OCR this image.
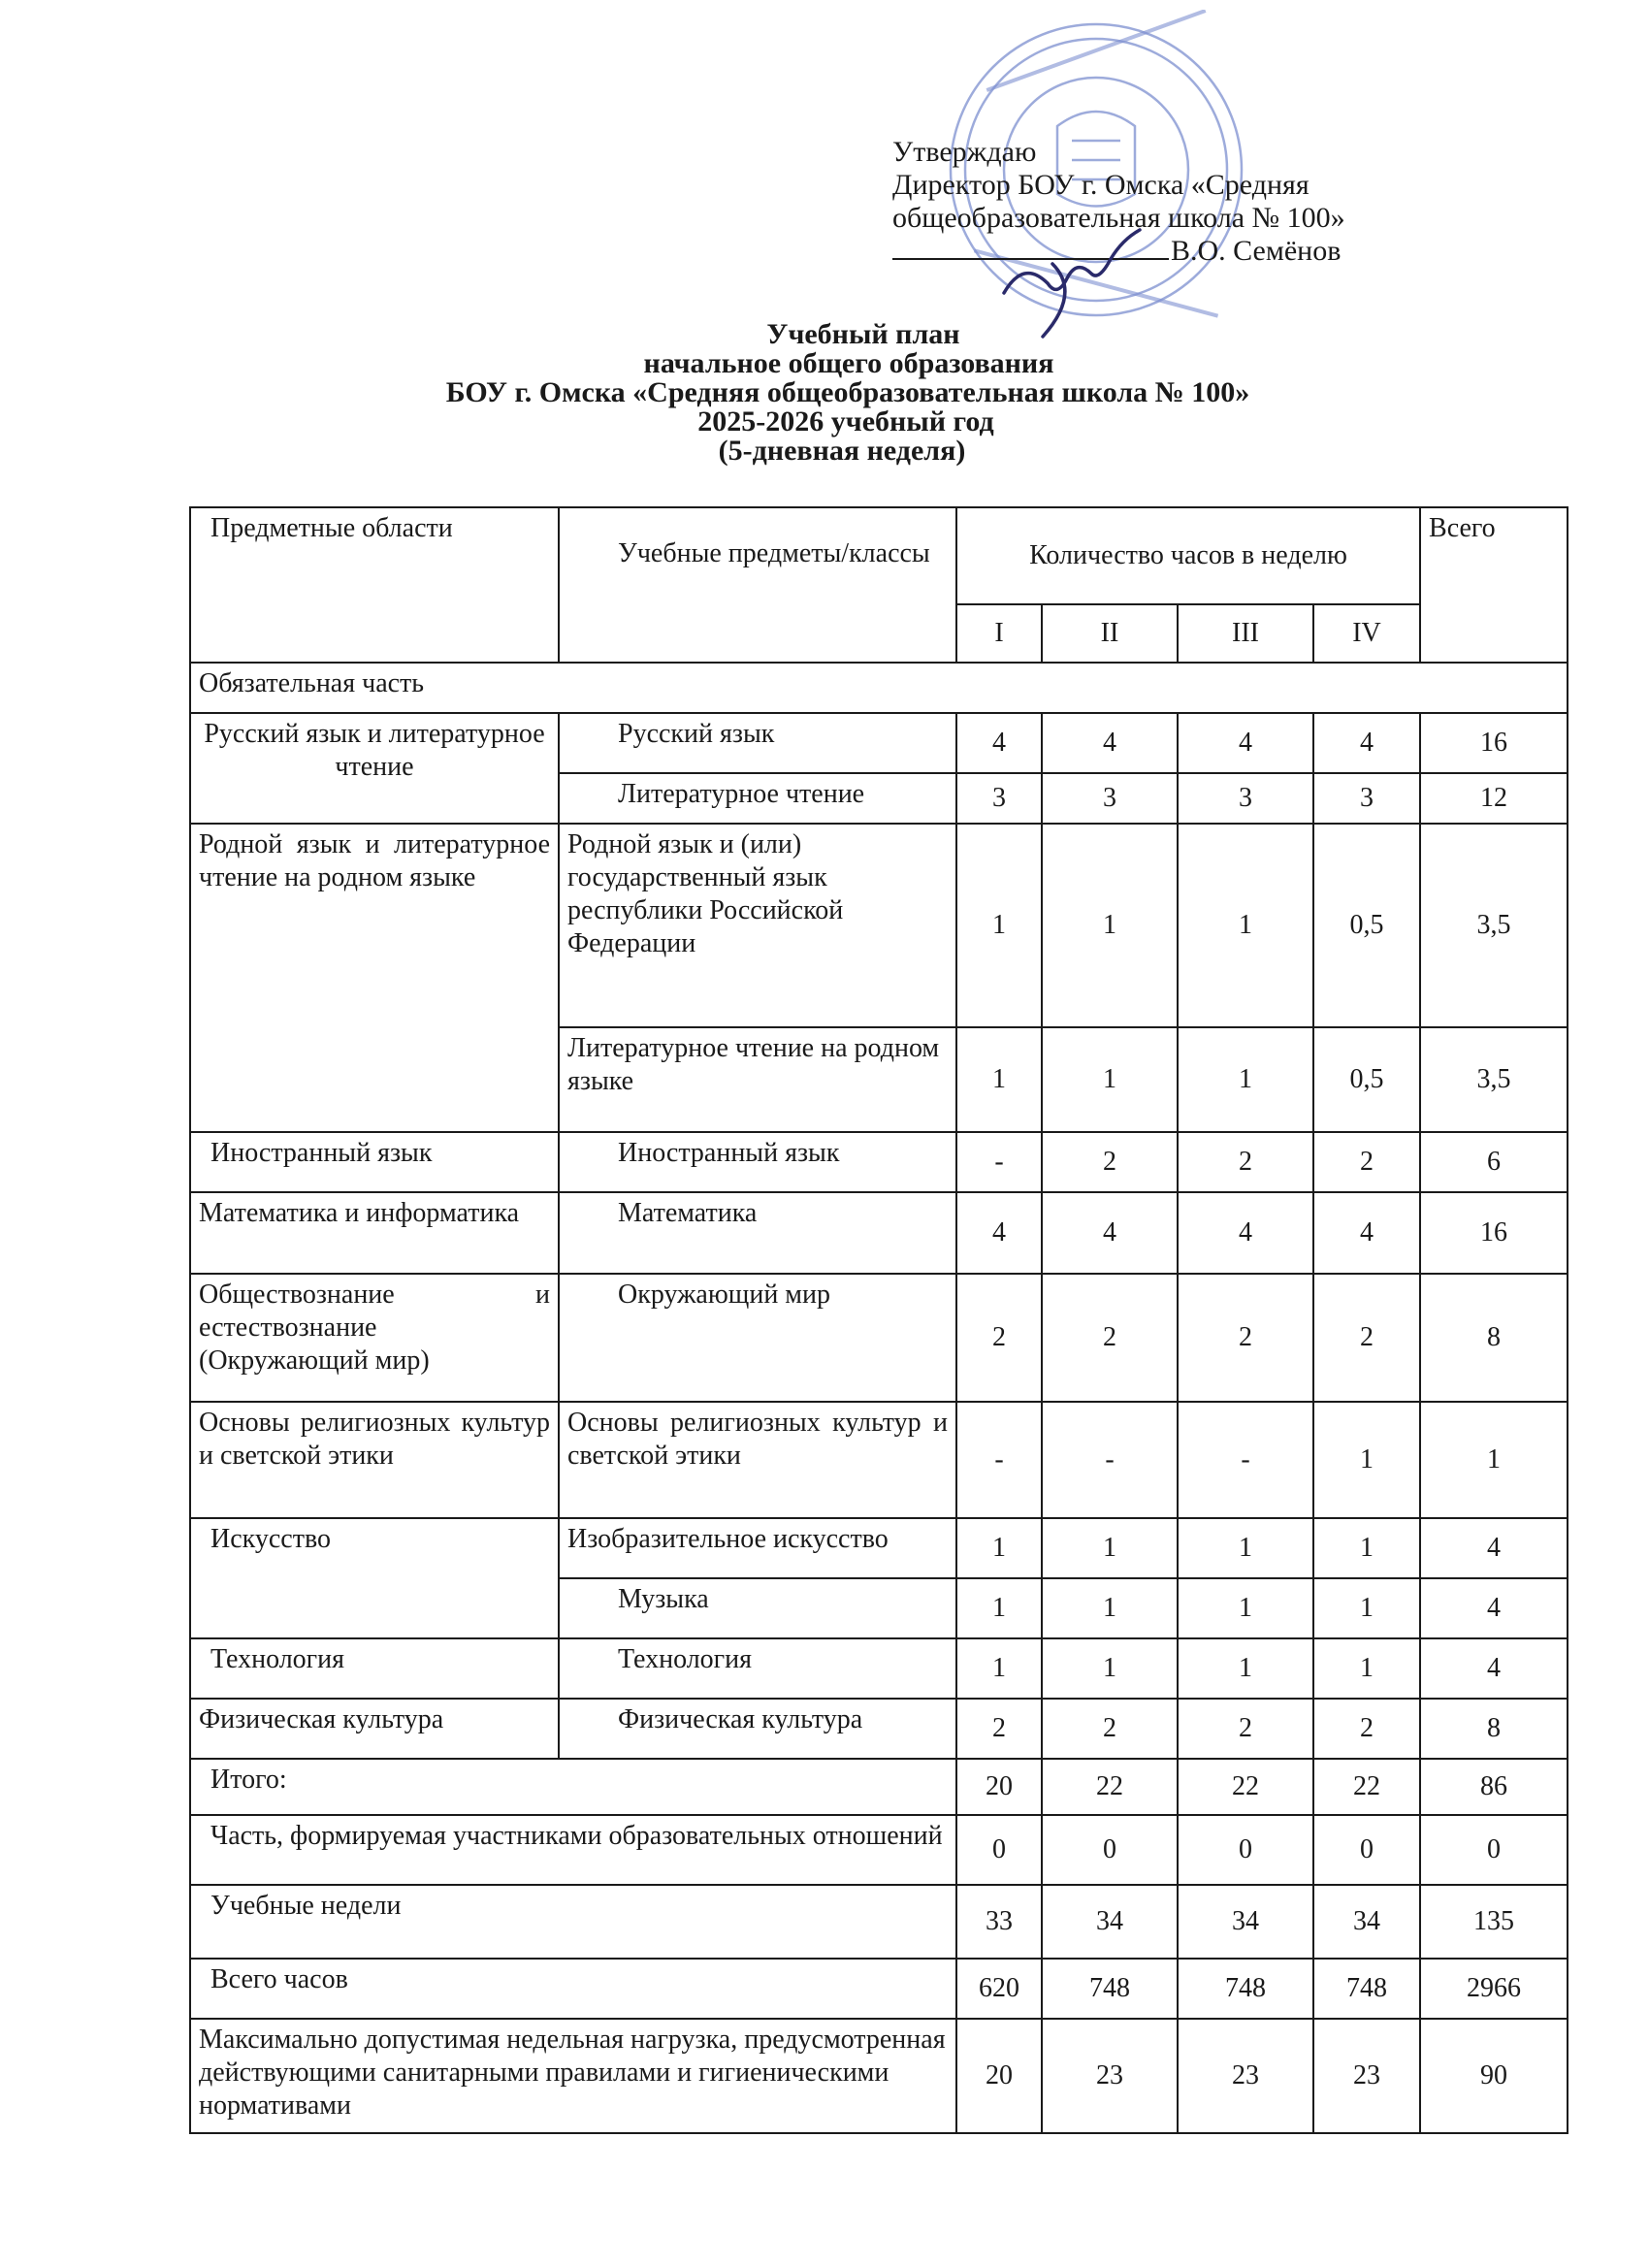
Утверждаю
Директор БОУ г. Омска «Средняя
общеобразовательная школа № 100»
В.О. Семёнов
Учебный план
начальное общего образования
БОУ г. Омска «Средняя общеобразовательная школа № 100»
2025-2026 учебный год
(5-дневная неделя)
Предметные области	Учебные предметы/классы	Количество часов в неделю				Всего
		I	II	III	IV	
Обязательная часть						
Русский язык и литературное чтение	Русский язык	4	4	4	4	16
	Литературное чтение	3	3	3	3	12
Родной язык и литературное чтение на родном языке	Родной язык и (или) государственный язык республики Российской Федерации	1	1	1	0,5	3,5
	Литературное чтение на родном языке	1	1	1	0,5	3,5
Иностранный язык	Иностранный язык	-	2	2	2	6
Математика и информатика	Математика	4	4	4	4	16
Обществознание и естествознание (Окружающий мир)	Окружающий мир	2	2	2	2	8
Основы религиозных культур и светской этики	Основы религиозных культур и светской этики	-	-	-	1	1
Искусство	Изобразительное искусство	1	1	1	1	4
	Музыка	1	1	1	1	4
Технология	Технология	1	1	1	1	4
Физическая культура	Физическая культура	2	2	2	2	8
Итого:		20	22	22	22	86
Часть, формируемая участниками образовательных отношений		0	0	0	0	0
Учебные недели		33	34	34	34	135
Всего часов		620	748	748	748	2966
Максимально допустимая недельная нагрузка, предусмотренная действующими санитарными правилами и гигиеническими нормативами		20	23	23	23	90
